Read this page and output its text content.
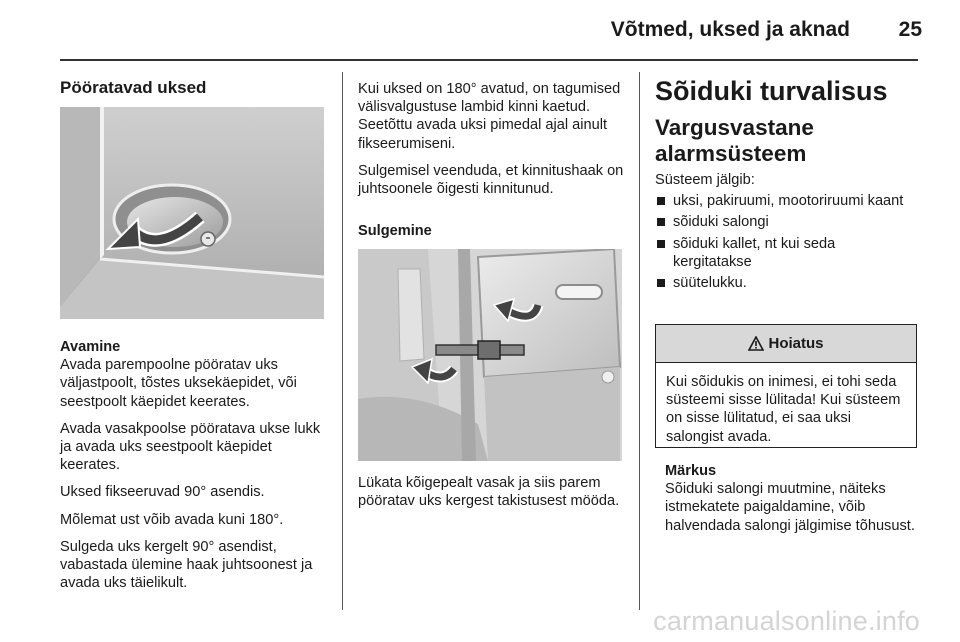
Võtmed, uksed ja aknad	25
Pööratavad uksed
Avamine

Avada parempoolne pööratav uks väljastpoolt, tõstes uksekäepidet, või seestpoolt käepidet keerates.

Avada vasakpoolse pööratava ukse lukk ja avada uks seestpoolt käepidet keerates.

Uksed fikseeruvad 90° asendis.

Mõlemat ust võib avada kuni 180°.

Sulgeda uks kergelt 90° asendist, vabastada ülemine haak juhtsoonest ja avada uks täielikult.

Kui uksed on 180° avatud, on tagumised välisvalgustuse lambid kinni kaetud. Seetõttu avada uksi pimedal ajal ainult fikseerumiseni.

Sulgemisel veenduda, et kinnitushaak on juhtsoonele õigesti kinnitunud.

Sulgemine
Lükata kõigepealt vasak ja siis parem pööratav uks kergest takistusest mööda.
Sõiduki turvalisus
Vargusvastane alarmsüsteem
Süsteem jälgib:
uksi, pakiruumi, mootoriruumi kaant
sõiduki salongi
sõiduki kallet, nt kui seda kergitatakse
süütelukku.
Hoiatus
Kui sõidukis on inimesi, ei tohi seda süsteemi sisse lülitada! Kui süsteem on sisse lülitatud, ei saa uksi salongist avada.
Märkus
Sõiduki salongi muutmine, näiteks istmekatete paigaldamine, võib halvendada salongi jälgimise tõhusust.
carmanualsonline.info
